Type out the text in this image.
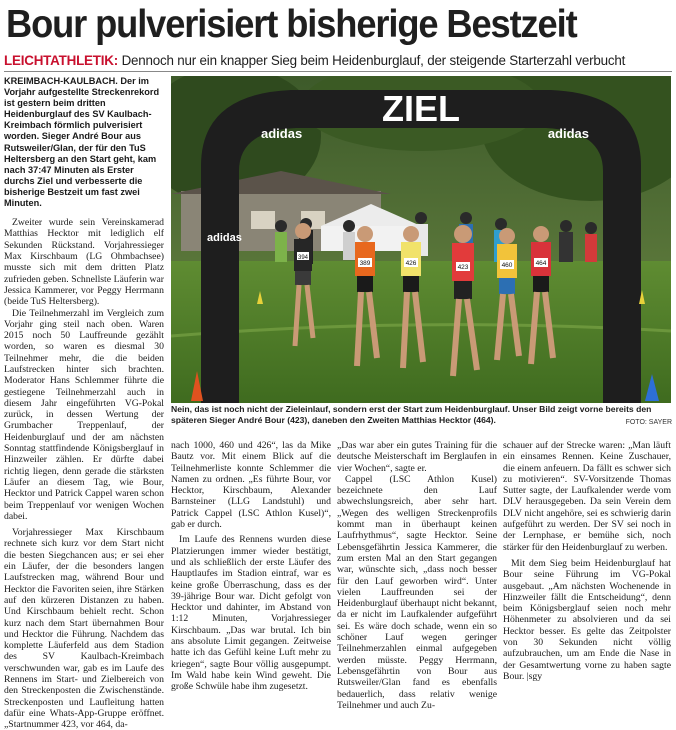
Bour pulverisiert bisherige Bestzeit
LEICHTATHLETIK: Dennoch nur ein knapper Sieg beim Heidenburglauf, der steigende Starterzahl verbucht

KREIMBACH-KAULBACH. Der im Vorjahr aufgestellte Streckenrekord ist gestern beim dritten Heidenburglauf des SV Kaulbach-Kreimbach förmlich pulverisiert worden. Sieger André Bour aus Rutsweiler/Glan, der für den TuS Heltersberg an den Start geht, kam nach 37:47 Minuten als Erster durchs Ziel und verbesserte die bisherige Bestzeit um fast zwei Minuten.

Zweiter wurde sein Vereinskamerad Matthias Hecktor mit lediglich elf Sekunden Rückstand. Vorjahressieger Max Kirschbaum (LG Ohmbachsee) musste sich mit dem dritten Platz zufrieden geben. Schnellste Läuferin war Jessica Kammerer, vor Peggy Herrmann (beide TuS Heltersberg).

Die Teilnehmerzahl im Vergleich zum Vorjahr ging steil nach oben. Waren 2015 noch 50 Lauffreunde gezählt worden, so waren es diesmal 30 Teilnehmer mehr, die die beiden Laufstrecken hinter sich brachten. Moderator Hans Schlemmer führte die gestiegene Teilnehmerzahl auch in diesem Jahr eingeführten VG-Pokal zurück, in dessen Wertung der Grumbacher Treppenlauf, der Heidenburglauf und der am nächsten Sonntag stattfindende Königsberglauf in Hinzweiler zählen. Er dürfte dabei richtig liegen, denn gerade die stärksten Läufer an diesem Tag, wie Bour, Hecktor und Patrick Cappel waren schon beim Treppenlauf vor wenigen Wochen dabei.

Vorjahressieger Max Kirschbaum rechnete sich kurz vor dem Start nicht die besten Siegchancen aus; er sei eher ein Läufer, der die besonders langen Laufstrecken mag, während Bour und Hecktor die Favoriten seien, ihre Stärken auf den kürzeren Distanzen zu haben. Und Kirschbaum behielt recht. Schon kurz nach dem Start übernahmen Bour und Hecktor die Führung. Nachdem das komplette Läuferfeld aus dem Stadion des SV Kaulbach-Kreimbach verschwunden war, gab es im Laufe des Rennens im Start- und Zielbereich von den Streckenposten die Zwischenstände. Streckenposten und Laufleitung hatten dafür eine Whats-App-Gruppe eröffnet. „Startnummer 423, vor 464, da-

ZIEL
adidas	adidas
adidas
394
389	426
423	460	464
Nein, das ist noch nicht der Zieleinlauf, sondern erst der Start zum Heidenburglauf. Unser Bild zeigt vorne bereits den späteren Sieger André Bour (423), daneben den Zweiten Matthias Hecktor (464).	FOTO: SAYER

nach 1000, 460 und 426“, las da Mike Bautz vor. Mit einem Blick auf die Teilnehmerliste konnte Schlemmer die Namen zu ordnen. „Es führte Bour, vor Hecktor, Kirschbaum, Alexander Barnsteiner (LLG Landstuhl) und Patrick Cappel (LSC Athlon Kusel)“, gab er durch.

Im Laufe des Rennens wurden diese Platzierungen immer wieder bestätigt, und als schließlich der erste Läufer des Hauptlaufes im Stadion eintraf, war es keine große Überraschung, dass es der 39-jährige Bour war. Dicht gefolgt von Hecktor und dahinter, im Abstand von 1:12 Minuten, Vorjahressieger Kirschbaum. „Das war brutal. Ich bin ans absolute Limit gegangen. Zeitweise hatte ich das Gefühl keine Luft mehr zu kriegen“, sagte Bour völlig ausgepumpt. Im Wald habe kein Wind geweht. Die große Schwüle habe ihm zugesetzt.

„Das war aber ein gutes Training für die deutsche Meisterschaft im Berglaufen in vier Wochen“, sagte er.

Cappel (LSC Athlon Kusel) bezeichnete den Lauf abwechslungsreich, aber sehr hart. „Wegen des welligen Streckenprofils kommt man in überhaupt keinen Laufrhythmus“, sagte Hecktor. Seine Lebensgefährtin Jessica Kammerer, die zum ersten Mal an den Start gegangen war, wünschte sich, „dass noch besser für den Lauf geworben wird“. Unter vielen Lauffreunden sei der Heidenburglauf überhaupt nicht bekannt, da er nicht im Laufkalender aufgeführt sei. Es wäre doch schade, wenn ein so schöner Lauf wegen geringer Teilnehmerzahlen einmal aufgegeben werden müsste. Peggy Herrmann, Lebensgefährtin von Bour aus Rutsweiler/Glan fand es ebenfalls bedauerlich, dass relativ wenige Teilnehmer und auch Zu-

schauer auf der Strecke waren: „Man läuft ein einsames Rennen. Keine Zuschauer, die einem anfeuern. Da fällt es schwer sich zu motivieren“. SV-Vorsitzende Thomas Sutter sagte, der Laufkalender werde vom DLV herausgegeben. Da sein Verein dem DLV nicht angehöre, sei es schwierig darin aufgeführt zu werden. Der SV sei noch in der Lernphase, er bemühe sich, noch stärker für den Heidenburglauf zu werben.

Mit dem Sieg beim Heidenburglauf hat Bour seine Führung im VG-Pokal ausgebaut. „Am nächsten Wochenende in Hinzweiler fällt die Entscheidung“, denn beim Königsberglauf seien noch mehr Höhenmeter zu absolvieren und da sei Hecktor besser. Es gelte das Zeitpolster von 30 Sekunden nicht völlig aufzubrauchen, um am Ende die Nase in der Gesamtwertung vorne zu haben sagte Bour. |sgy
